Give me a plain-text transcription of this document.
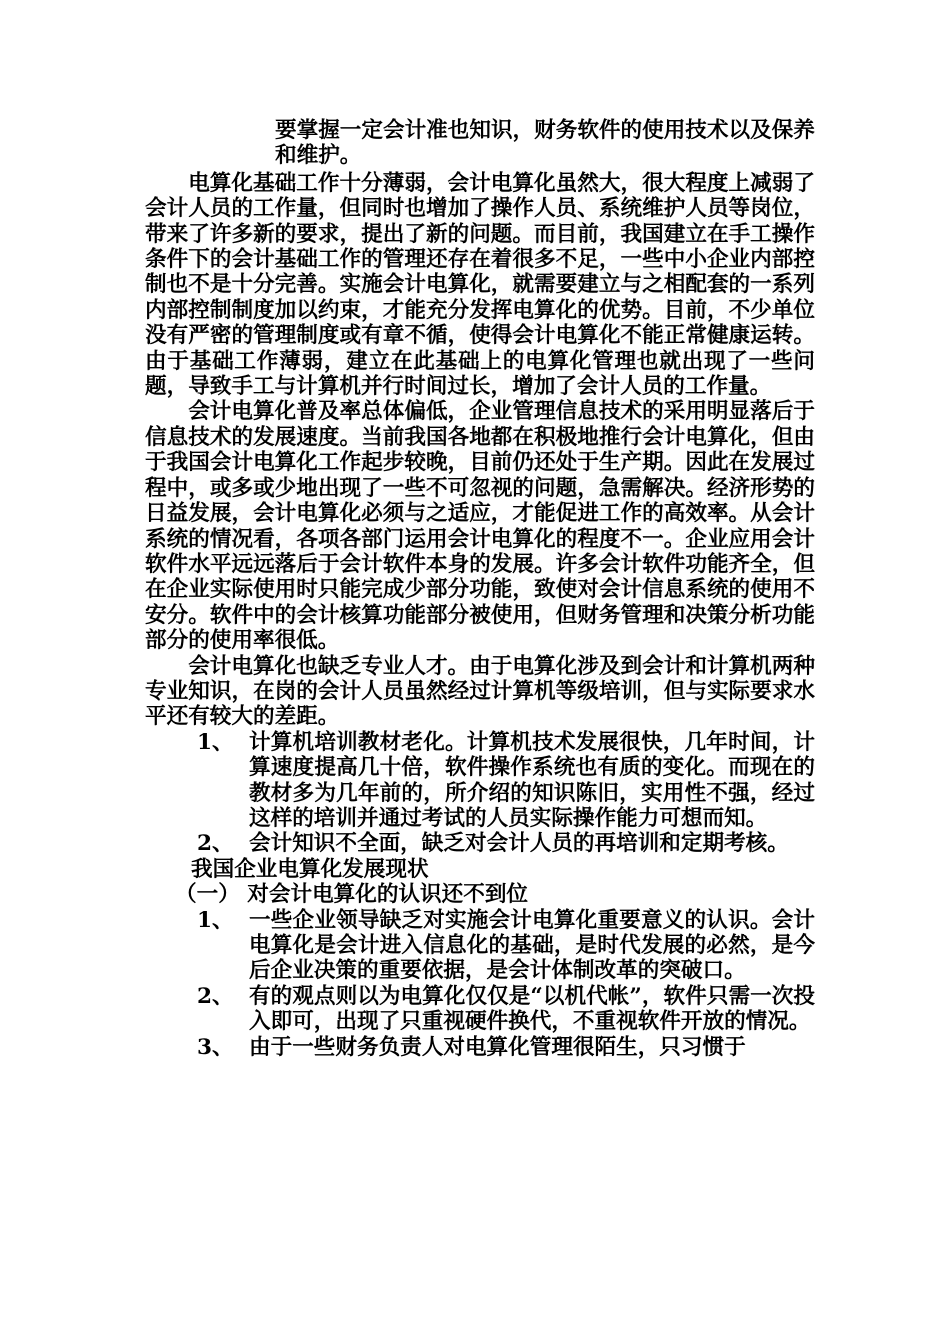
要掌握一定会计准也知识，财务软件的使用技术以及保养和维护。

电算化基础工作十分薄弱，会计电算化虽然大，很大程度上减弱了会计人员的工作量，但同时也增加了操作人员、系统维护人员等岗位，带来了许多新的要求，提出了新的问题。而目前，我国建立在手工操作条件下的会计基础工作的管理还存在着很多不足，一些中小企业内部控制也不是十分完善。实施会计电算化，就需要建立与之相配套的一系列内部控制制度加以约束，才能充分发挥电算化的优势。目前，不少单位没有严密的管理制度或有章不循，使得会计电算化不能正常健康运转。由于基础工作薄弱，建立在此基础上的电算化管理也就出现了一些问题，导致手工与计算机并行时间过长，增加了会计人员的工作量。

会计电算化普及率总体偏低，企业管理信息技术的采用明显落后于信息技术的发展速度。当前我国各地都在积极地推行会计电算化，但由于我国会计电算化工作起步较晚，目前仍还处于生产期。因此在发展过程中，或多或少地出现了一些不可忽视的问题，急需解决。经济形势的日益发展，会计电算化必须与之适应，才能促进工作的高效率。从会计系统的情况看，各项各部门运用会计电算化的程度不一。企业应用会计软件水平远远落后于会计软件本身的发展。许多会计软件功能齐全，但在企业实际使用时只能完成少部分功能，致使对会计信息系统的使用不安分。软件中的会计核算功能部分被使用，但财务管理和决策分析功能部分的使用率很低。

会计电算化也缺乏专业人才。由于电算化涉及到会计和计算机两种专业知识，在岗的会计人员虽然经过计算机等级培训，但与实际要求水平还有较大的差距。

1、 计算机培训教材老化。计算机技术发展很快，几年时间，计算速度提高几十倍，软件操作系统也有质的变化。而现在的教材多为几年前的，所介绍的知识陈旧，实用性不强，经过这样的培训并通过考试的人员实际操作能力可想而知。
2、 会计知识不全面，缺乏对会计人员的再培训和定期考核。

我国企业电算化发展现状

（一） 对会计电算化的认识还不到位

1、 一些企业领导缺乏对实施会计电算化重要意义的认识。会计电算化是会计进入信息化的基础，是时代发展的必然，是今后企业决策的重要依据，是会计体制改革的突破口。
2、 有的观点则以为电算化仅仅是“以机代帐”，软件只需一次投入即可，出现了只重视硬件换代，不重视软件开放的情况。
3、 由于一些财务负责人对电算化管理很陌生，只习惯于
